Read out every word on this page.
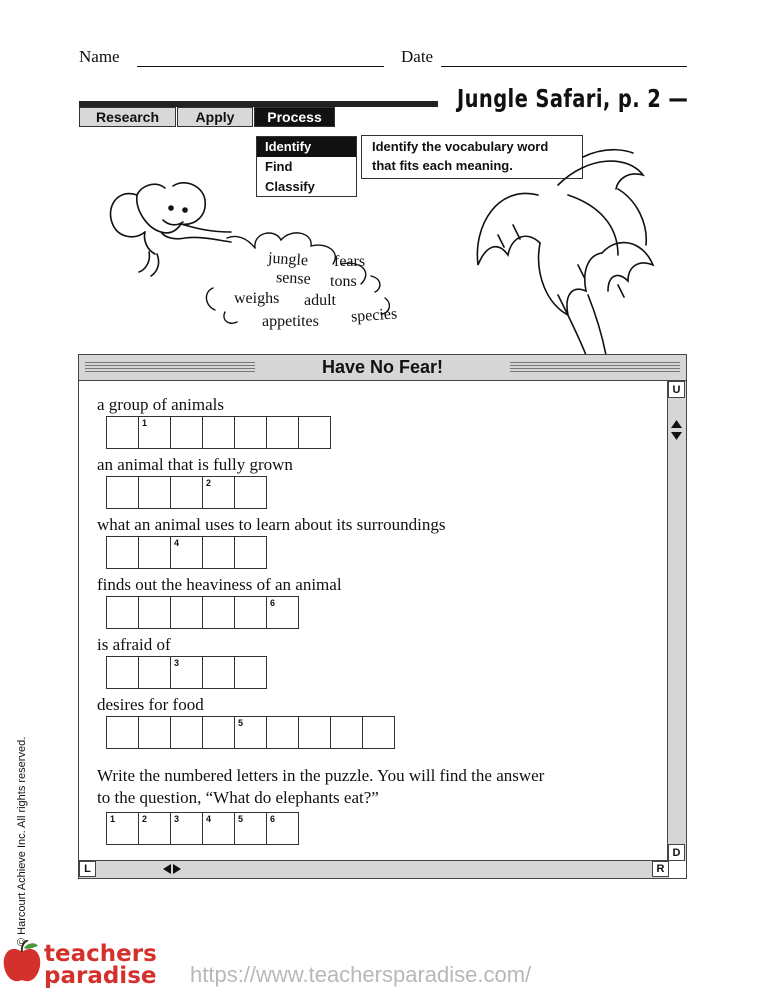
Name	Date
Jungle Safari, p. 2 —
Research	Apply	Process
Identify
Find
Classify
Identify the vocabulary word
that fits each meaning.
jungle fears
sense tons
weighs adult
appetites species
Have No Fear!
U
D
L	R
a group of animals
1
an animal that is fully grown
2
what an animal uses to learn about its surroundings
4
finds out the heaviness of an animal
6
is afraid of
3
desires for food
5
Write the numbered letters in the puzzle. You will find the answer
to the question, “What do elephants eat?”
1	2	3	4	5	6
© Harcourt Achieve Inc. All rights reserved.
teachers
paradise https://www.teachersparadise.com/
